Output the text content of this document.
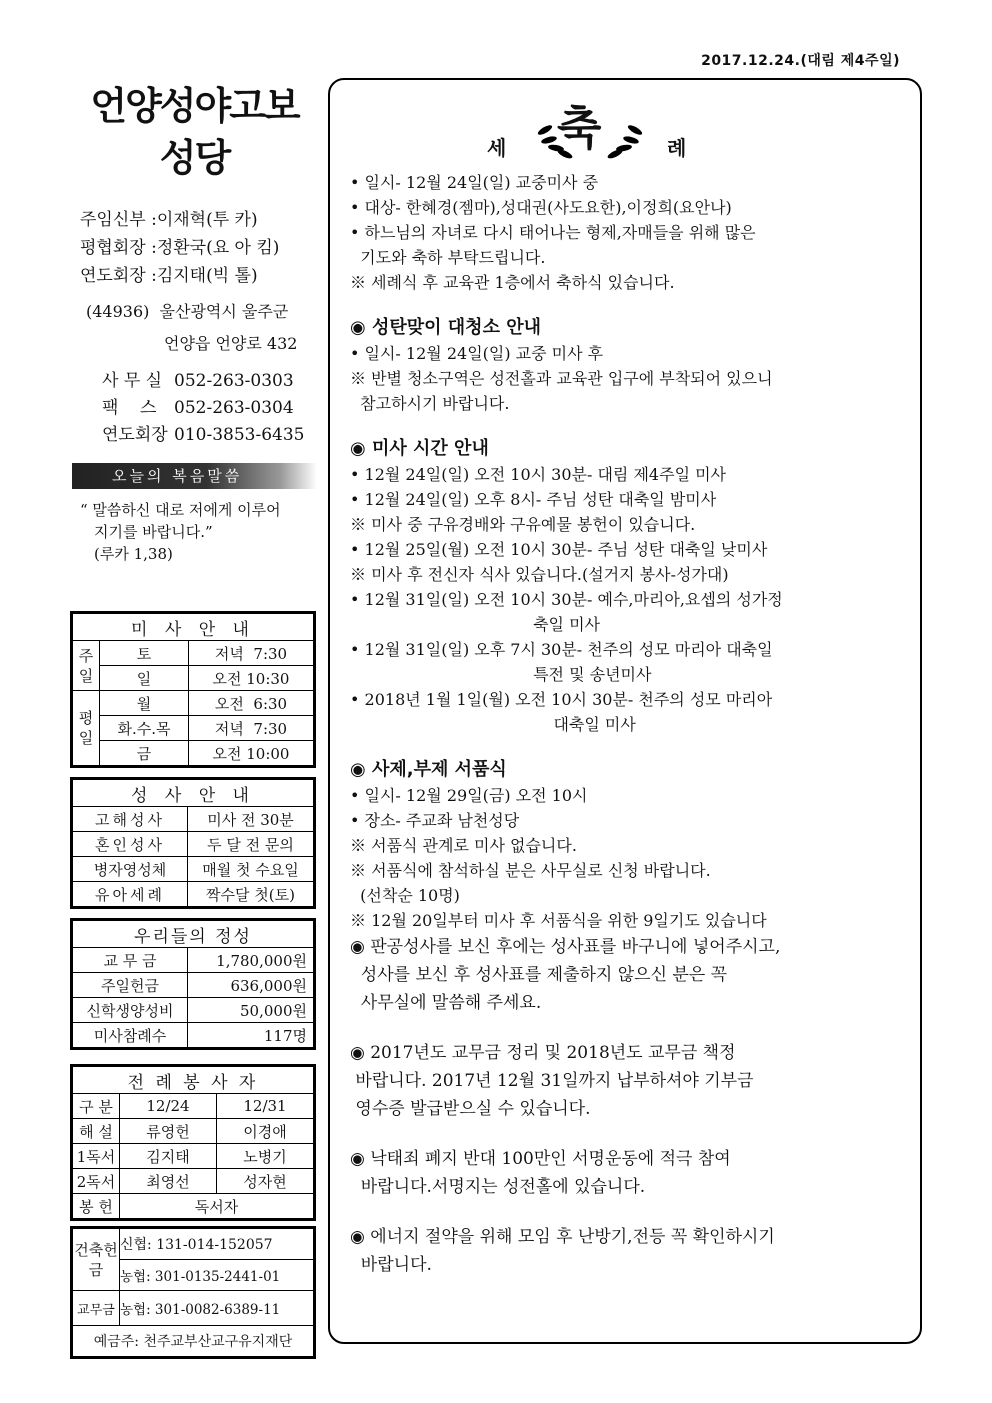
2017.12.24.(대림 제4주일)
언양성야고보
성당
주임신부 :이재혁(투 카)
평협회장 :정환국(요 아 킴)
연도회장 :김지태(빅 톨)
(44936)  울산광역시 울주군
언양읍 언양로 432
사 무 실 052-263-0303
팩    스 052-263-0304
연도회장 010-3853-6435
오늘의 복음말씀
“ 말씀하신 대로 저에게 이루어
지기를 바랍니다.”
(루카 1,38)
미 사 안 내		
주일	토	저녁  7:30
	일	오전 10:30
평일	월	오전  6:30
	화.수.목	저녁  7:30
	금	오전 10:00
성 사 안 내	
고해성사	미사 전 30분
혼인성사	두 달 전 문의
병자영성체	매월 첫 수요일
유아세례	짝수달 첫(토)
우리들의 정성	
교 무 금	1,780,000원
주일헌금	636,000원
신학생양성비	50,000원
미사참례수	117명
전 례 봉 사 자		
구 분	12/24	12/31
해 설	류영헌	이경애
1독서	김지태	노병기
2독서	최영선	성자현
봉 헌	독서자	
건축헌금	신협: 131-014-152057
	농협: 301-0135-2441-01
교무금	농협: 301-0082-6389-11
예금주: 천주교부산교구유지재단	
축
세	례

• 일시- 12월 24일(일) 교중미사 중

• 대상- 한혜경(젬마),성대권(사도요한),이정희(요안나)

• 하느님의 자녀로 다시 태어나는 형제,자매들을 위해 많은

기도와 축하 부탁드립니다.

※ 세례식 후 교육관 1층에서 축하식 있습니다.

◉ 성탄맞이 대청소 안내

• 일시- 12월 24일(일) 교중 미사 후

※ 반별 청소구역은 성전홀과 교육관 입구에 부착되어 있으니

참고하시기 바랍니다.

◉ 미사 시간 안내

• 12월 24일(일) 오전 10시 30분- 대림 제4주일 미사

• 12월 24일(일) 오후 8시- 주님 성탄 대축일 밤미사

※ 미사 중 구유경배와 구유예물 봉헌이 있습니다.

• 12월 25일(월) 오전 10시 30분- 주님 성탄 대축일 낮미사

※ 미사 후 전신자 식사 있습니다.(설거지 봉사-성가대)

• 12월 31일(일) 오전 10시 30분- 예수,마리아,요셉의 성가정

축일 미사

• 12월 31일(일) 오후 7시 30분- 천주의 성모 마리아 대축일

특전 및 송년미사

• 2018년 1월 1일(월) 오전 10시 30분- 천주의 성모 마리아

대축일 미사

◉ 사제,부제 서품식

• 일시- 12월 29일(금) 오전 10시

• 장소- 주교좌 남천성당

※ 서품식 관계로 미사 없습니다.

※ 서품식에 참석하실 분은 사무실로 신청 바랍니다.

(선착순 10명)

※ 12월 20일부터 미사 후 서품식을 위한 9일기도 있습니다

◉ 판공성사를 보신 후에는 성사표를 바구니에 넣어주시고,

성사를 보신 후 성사표를 제출하지 않으신 분은 꼭

사무실에 말씀해 주세요.

◉ 2017년도 교무금 정리 및 2018년도 교무금 책정

바랍니다. 2017년 12월 31일까지 납부하셔야 기부금

영수증 발급받으실 수 있습니다.

◉ 낙태죄 폐지 반대 100만인 서명운동에 적극 참여

바랍니다.서명지는 성전홀에 있습니다.

◉ 에너지 절약을 위해 모임 후 난방기,전등 꼭 확인하시기

바랍니다.
